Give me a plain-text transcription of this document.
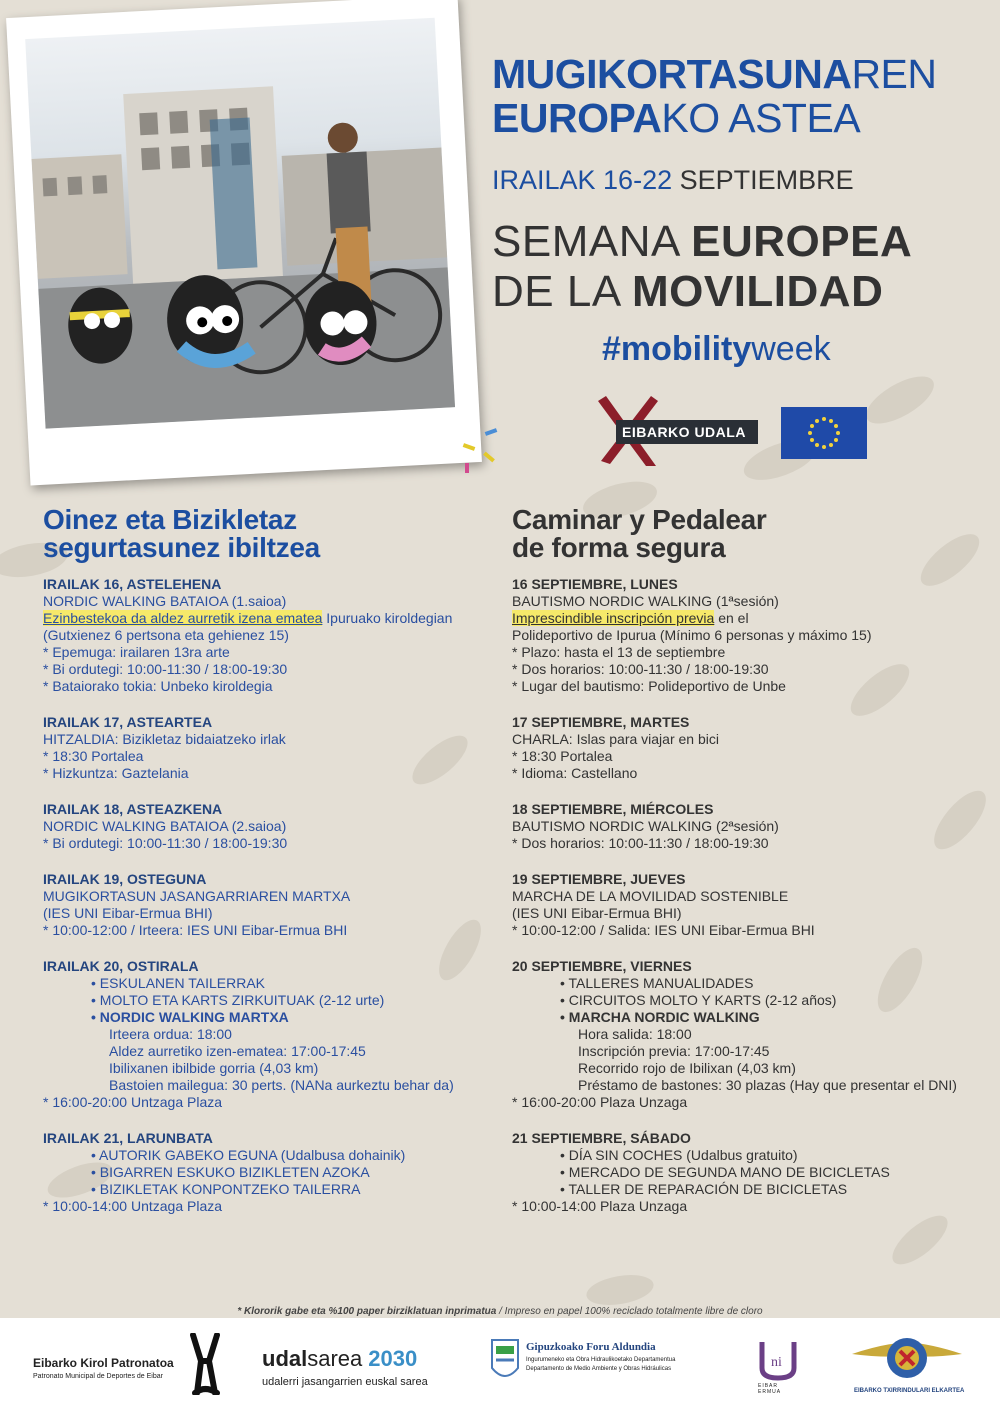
MUGIKORTASUNAREN
EUROPAKO ASTEA
IRAILAK 16-22 SEPTIEMBRE
SEMANA EUROPEA
DE LA MOVILIDAD
#mobilityweek
EIBARKO UDALA
Oinez eta Bizikletaz
segurtasunez ibiltzea
IRAILAK 16, ASTELEHENA
NORDIC WALKING BATAIOA (1.saioa)
Ezinbestekoa da aldez aurretik izena ematea Ipuruako kiroldegian
(Gutxienez 6 pertsona eta gehienez 15)
* Epemuga: irailaren 13ra arte
* Bi ordutegi: 10:00-11:30 / 18:00-19:30
* Bataiorako tokia: Unbeko kiroldegia
IRAILAK 17, ASTEARTEA
HITZALDIA: Bizikletaz bidaiatzeko irlak
* 18:30 Portalea
* Hizkuntza: Gaztelania
IRAILAK 18, ASTEAZKENA
NORDIC WALKING BATAIOA (2.saioa)
* Bi ordutegi: 10:00-11:30 / 18:00-19:30
IRAILAK 19, OSTEGUNA
MUGIKORTASUN JASANGARRIAREN MARTXA
(IES UNI Eibar-Ermua BHI)
* 10:00-12:00 / Irteera: IES UNI Eibar-Ermua BHI
IRAILAK 20, OSTIRALA
• ESKULANEN TAILERRAK
• MOLTO ETA KARTS ZIRKUITUAK (2-12 urte)
• NORDIC WALKING MARTXA
Irteera ordua: 18:00
Aldez aurretiko izen-ematea: 17:00-17:45
Ibilixanen ibilbide gorria (4,03 km)
Bastoien mailegua: 30 perts. (NANa aurkeztu behar da)
* 16:00-20:00 Untzaga Plaza
IRAILAK 21, LARUNBATA
• AUTORIK GABEKO EGUNA (Udalbusa dohainik)
• BIGARREN ESKUKO BIZIKLETEN AZOKA
• BIZIKLETAK KONPONTZEKO TAILERRA
* 10:00-14:00 Untzaga Plaza
Caminar y Pedalear
de forma segura
16 SEPTIEMBRE, LUNES
BAUTISMO NORDIC WALKING (1ªsesión)
Imprescindible inscripción previa en el
Polideportivo de Ipurua (Mínimo 6 personas y máximo 15)
* Plazo: hasta el 13 de septiembre
* Dos horarios: 10:00-11:30 / 18:00-19:30
* Lugar del bautismo: Polideportivo de Unbe
17 SEPTIEMBRE, MARTES
CHARLA: Islas para viajar en bici
* 18:30 Portalea
* Idioma: Castellano
18 SEPTIEMBRE, MIÉRCOLES
BAUTISMO NORDIC WALKING (2ªsesión)
* Dos horarios: 10:00-11:30 / 18:00-19:30
19 SEPTIEMBRE, JUEVES
MARCHA DE LA MOVILIDAD SOSTENIBLE
(IES UNI Eibar-Ermua BHI)
* 10:00-12:00 / Salida: IES UNI Eibar-Ermua BHI
20 SEPTIEMBRE, VIERNES
• TALLERES MANUALIDADES
• CIRCUITOS MOLTO Y KARTS (2-12 años)
• MARCHA NORDIC WALKING
Hora salida: 18:00
Inscripción previa: 17:00-17:45
Recorrido rojo de Ibilixan (4,03 km)
Préstamo de bastones: 30 plazas (Hay que presentar el DNI)
* 16:00-20:00 Plaza Unzaga
21 SEPTIEMBRE, SÁBADO
• DÍA SIN COCHES (Udalbus gratuito)
• MERCADO DE SEGUNDA MANO DE BICICLETAS
• TALLER DE REPARACIÓN DE BICICLETAS
* 10:00-14:00 Plaza Unzaga
* Klororik gabe eta %100 paper birziklatuan inprimatua / Impreso en papel 100% reciclado totalmente libre de cloro
Eibarko Kirol Patronatoa
Patronato Municipal de Deportes de Eibar
udalsarea 2030
udalerri jasangarrien euskal sarea
Gipuzkoako Foru Aldundia
Ingurumeneko eta Obra Hidraulikoetako Departamentua
Departamento de Medio Ambiente y Obras Hidráulicas	ni
EIBAR ERMUA	EIBARKO TXIRRINDULARI ELKARTEA
